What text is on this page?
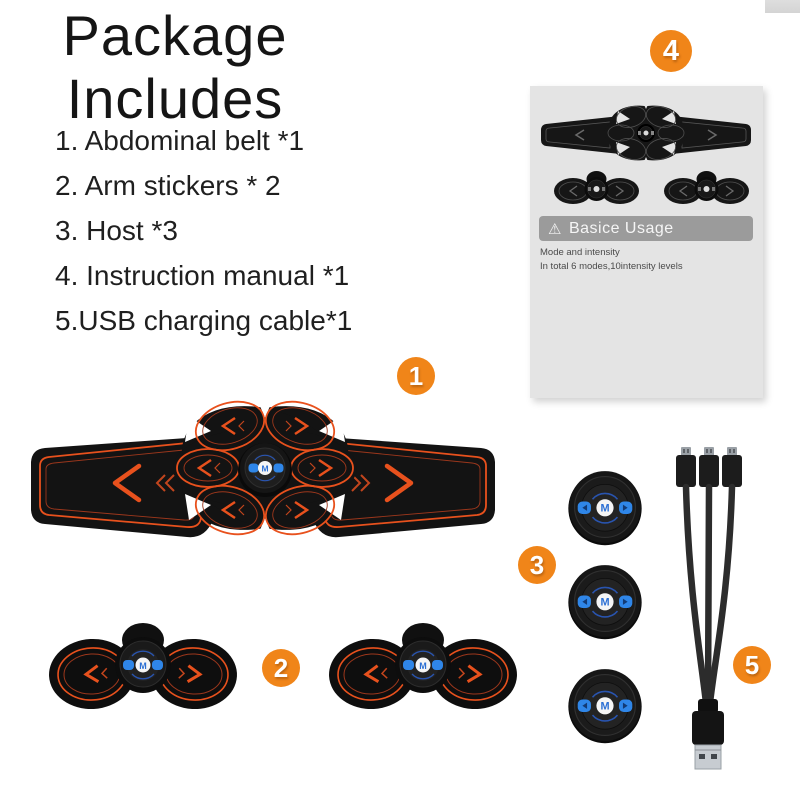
Package
Includes
1. Abdominal belt *1
2. Arm stickers * 2
3. Host *3
4. Instruction manual *1
5.USB charging cable*1
⚠ Basice Usage
Mode and intensity
In total 6 modes,10intensity levels
M
M	M
M
M
M
1
2
3
4
5
